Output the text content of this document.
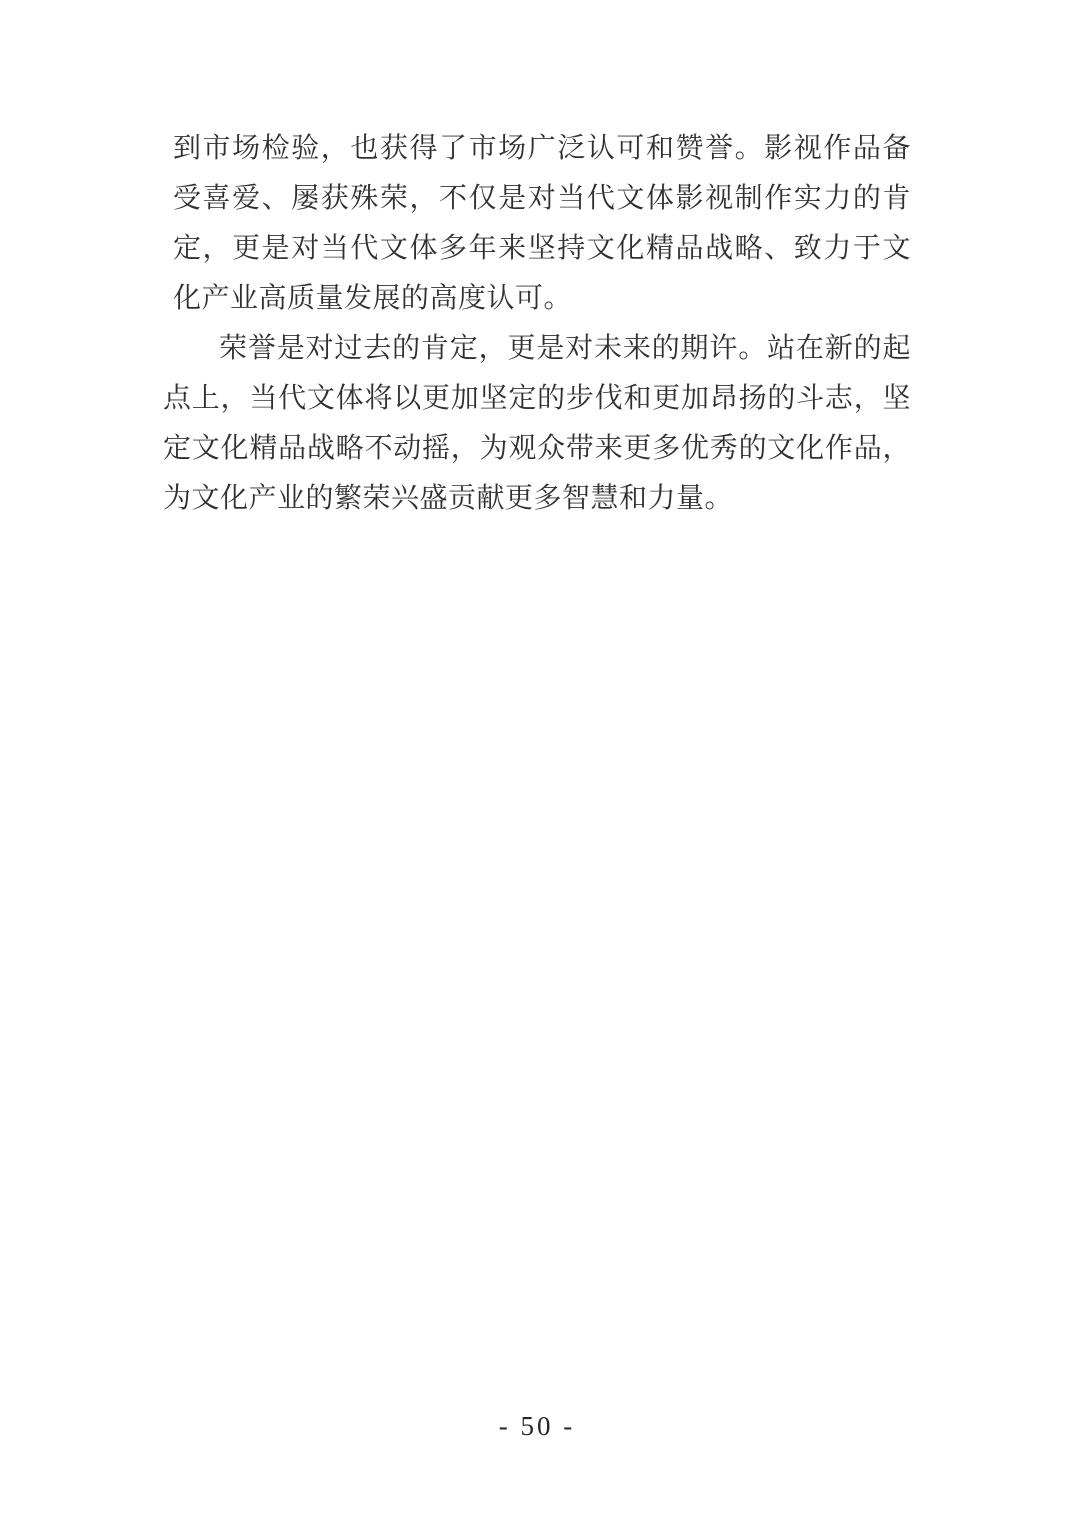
到市场检验，也获得了市场广泛认可和赞誉。影视作品备受喜爱、屡获殊荣，不仅是对当代文体影视制作实力的肯定，更是对当代文体多年来坚持文化精品战略、致力于文化产业高质量发展的高度认可。

荣誉是对过去的肯定，更是对未来的期许。站在新的起点上，当代文体将以更加坚定的步伐和更加昂扬的斗志，坚定文化精品战略不动摇，为观众带来更多优秀的文化作品，为文化产业的繁荣兴盛贡献更多智慧和力量。

- 50 -
